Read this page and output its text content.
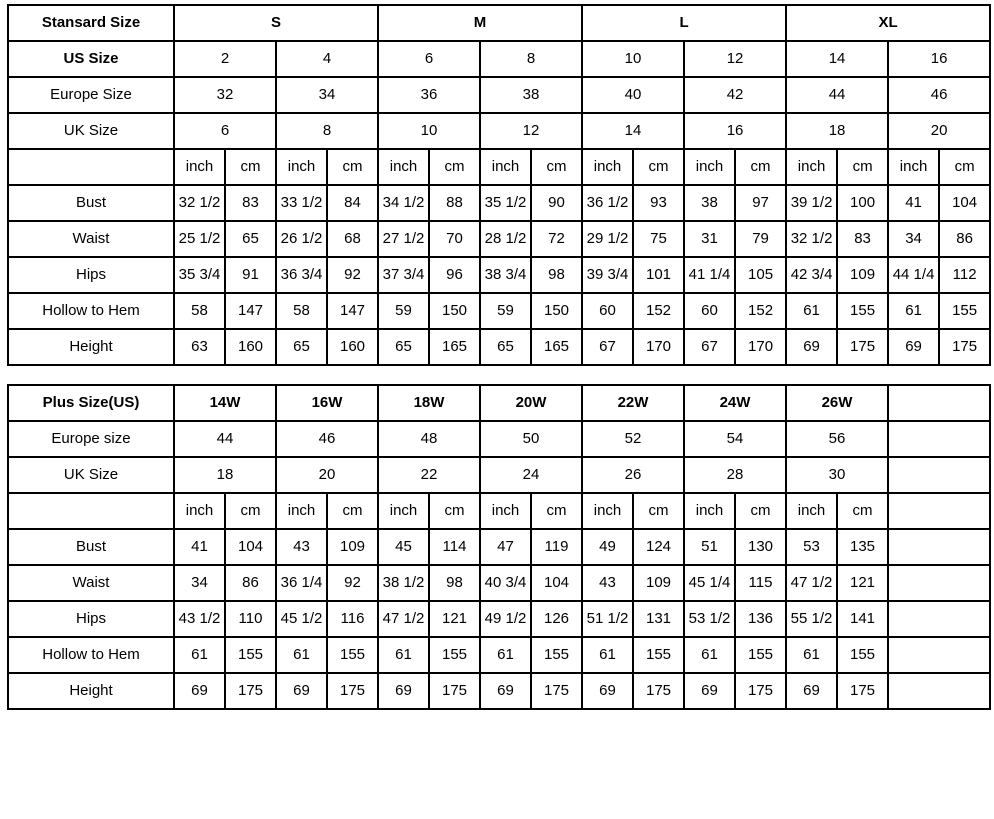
Stansard Size	S				M				L				XL			
US Size	2		4		6		8		10		12		14		16	
Europe Size	32		34		36		38		40		42		44		46	
UK Size	6		8		10		12		14		16		18		20	
	inch	cm	inch	cm	inch	cm	inch	cm	inch	cm	inch	cm	inch	cm	inch	cm
Bust	32 1/2	83	33 1/2	84	34 1/2	88	35 1/2	90	36 1/2	93	38	97	39 1/2	100	41	104
Waist	25 1/2	65	26 1/2	68	27 1/2	70	28 1/2	72	29 1/2	75	31	79	32 1/2	83	34	86
Hips	35 3/4	91	36 3/4	92	37 3/4	96	38 3/4	98	39 3/4	101	41 1/4	105	42 3/4	109	44 1/4	112
Hollow to Hem	58	147	58	147	59	150	59	150	60	152	60	152	61	155	61	155
Height	63	160	65	160	65	165	65	165	67	170	67	170	69	175	69	175
Plus Size(US)	14W		16W		18W		20W		22W		24W		26W		
Europe size	44		46		48		50		52		54		56		
UK Size	18		20		22		24		26		28		30		
	inch	cm	inch	cm	inch	cm	inch	cm	inch	cm	inch	cm	inch	cm	
Bust	41	104	43	109	45	114	47	119	49	124	51	130	53	135	
Waist	34	86	36 1/4	92	38 1/2	98	40 3/4	104	43	109	45 1/4	115	47 1/2	121	
Hips	43 1/2	110	45 1/2	116	47 1/2	121	49 1/2	126	51 1/2	131	53 1/2	136	55 1/2	141	
Hollow to Hem	61	155	61	155	61	155	61	155	61	155	61	155	61	155	
Height	69	175	69	175	69	175	69	175	69	175	69	175	69	175	
